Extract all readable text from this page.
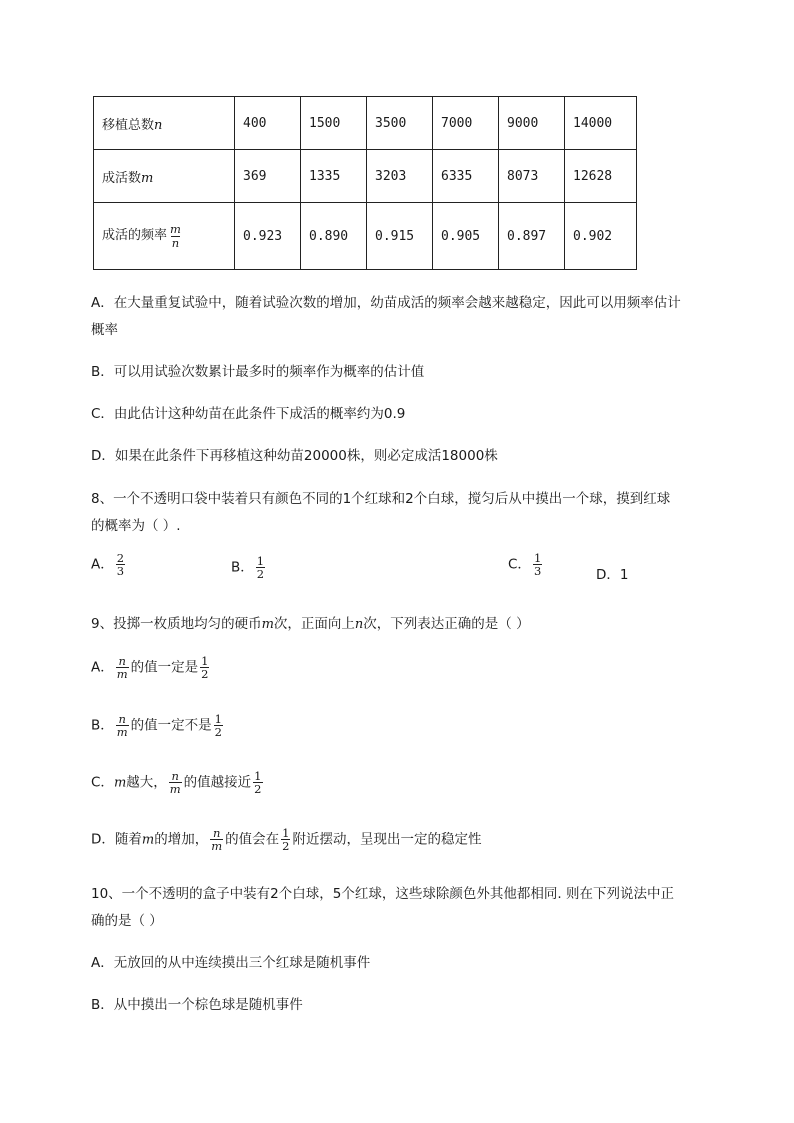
移植总数n	400	1500	3500	7000	9000	14000
成活数m	369	1335	3203	6335	8073	12628
成活的频率 $\frac{m}{n}$	0.923	0.890	0.915	0.905	0.897	0.902
A．在大量重复试验中，随着试验次数的增加，幼苗成活的频率会越来越稳定，因此可以用频率估计
概率
B．可以用试验次数累计最多时的频率作为概率的估计值
C．由此估计这种幼苗在此条件下成活的概率约为0.9
D．如果在此条件下再移植这种幼苗20000株，则必定成活18000株
8、一个不透明口袋中装着只有颜色不同的1个红球和2个白球，搅匀后从中摸出一个球，摸到红球
的概率为（ ）.
A． $\frac{2}{3}$	B． $\frac{1}{2}$	C． $\frac{1}{3}$	D．1
9、投掷一枚质地均匀的硬币m次，正面向上n次，下列表达正确的是（ ）
A． $\frac{n}{m}$ 的值一定是 $\frac{1}{2}$
B． $\frac{n}{m}$ 的值一定不是 $\frac{1}{2}$
C．m越大， $\frac{n}{m}$ 的值越接近 $\frac{1}{2}$
D．随着m的增加， $\frac{n}{m}$ 的值会在 $\frac{1}{2}$ 附近摆动，呈现出一定的稳定性
10、一个不透明的盒子中装有2个白球，5个红球，这些球除颜色外其他都相同. 则在下列说法中正
确的是（ ）
A．无放回的从中连续摸出三个红球是随机事件
B．从中摸出一个棕色球是随机事件
